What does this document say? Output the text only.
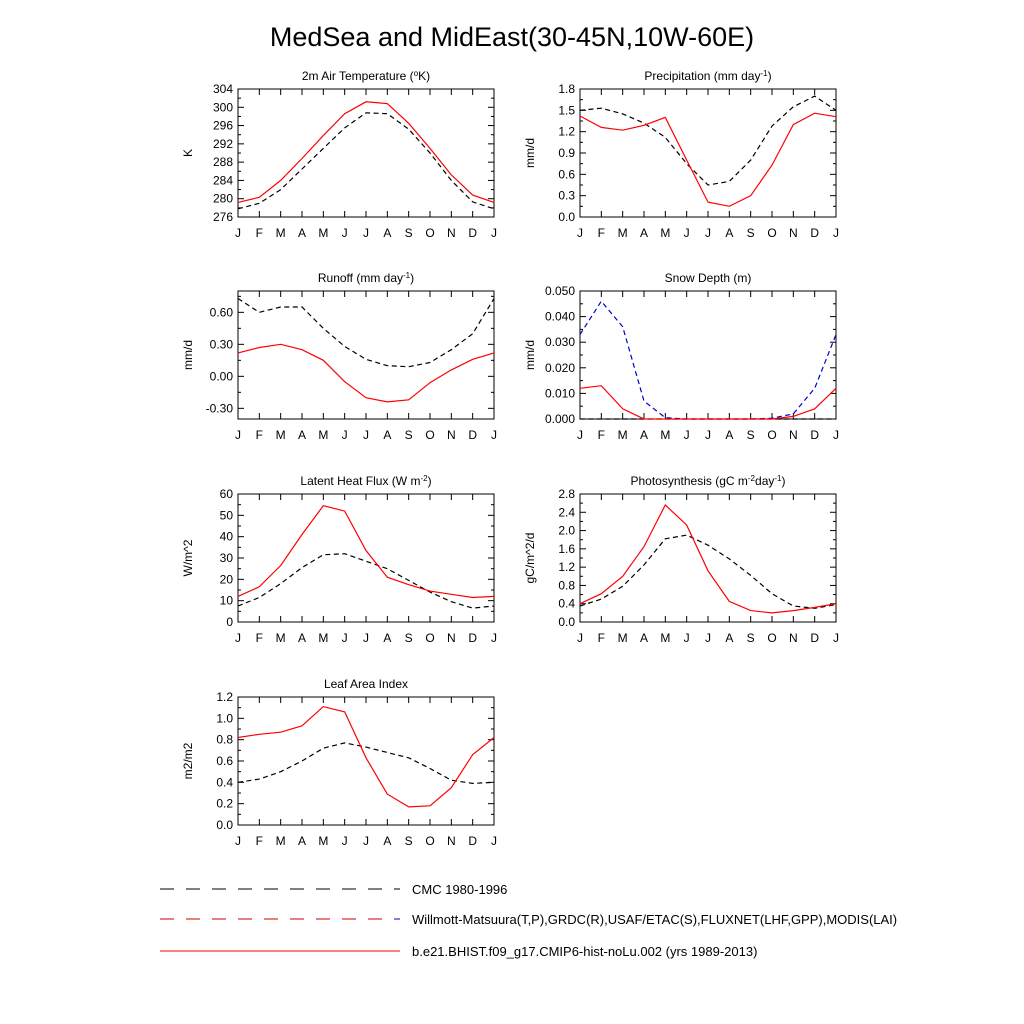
MedSea and MidEast(30-45N,10W-60E)
2m Air Temperature ($^o$K)
K
276
280
284
288
292
296
300
304
J F M A M J J A S O N D J
Precipitation (mm day$^{-1}$)
mm/d
0.0
0.3
0.6
0.9
1.2
1.5
1.8
J F M A M J J A S O N D J
Runoff (mm day$^{-1}$)
mm/d
-0.30
0.00
0.30
0.60
J F M A M J J A S O N D J
Snow Depth (m)
mm/d
0.000
0.010
0.020
0.030
0.040
0.050
J F M A M J J A S O N D J
Latent Heat Flux (W $m^{-2}$)
W/m^2
0
10
20
30
40
50
60
J F M A M J J A S O N D J
Photosynthesis (gC $m^{-2}day^{-1}$)
gC/m^2/d
0.0
0.4
0.8
1.2
1.6
2.0
2.4
2.8
J F M A M J J A S O N D J
Leaf Area Index
m2/m2
0.0
0.2
0.4
0.6
0.8
1.0
1.2
J F M A M J J A S O N D J
CMC 1980-1996
Willmott-Matsuura(T,P),GRDC(R),USAF/ETAC(S),FLUXNET(LHF,GPP),MODIS(LAI)
b.e21.BHIST.f09_g17.CMIP6-hist-noLu.002 (yrs 1989-2013)
